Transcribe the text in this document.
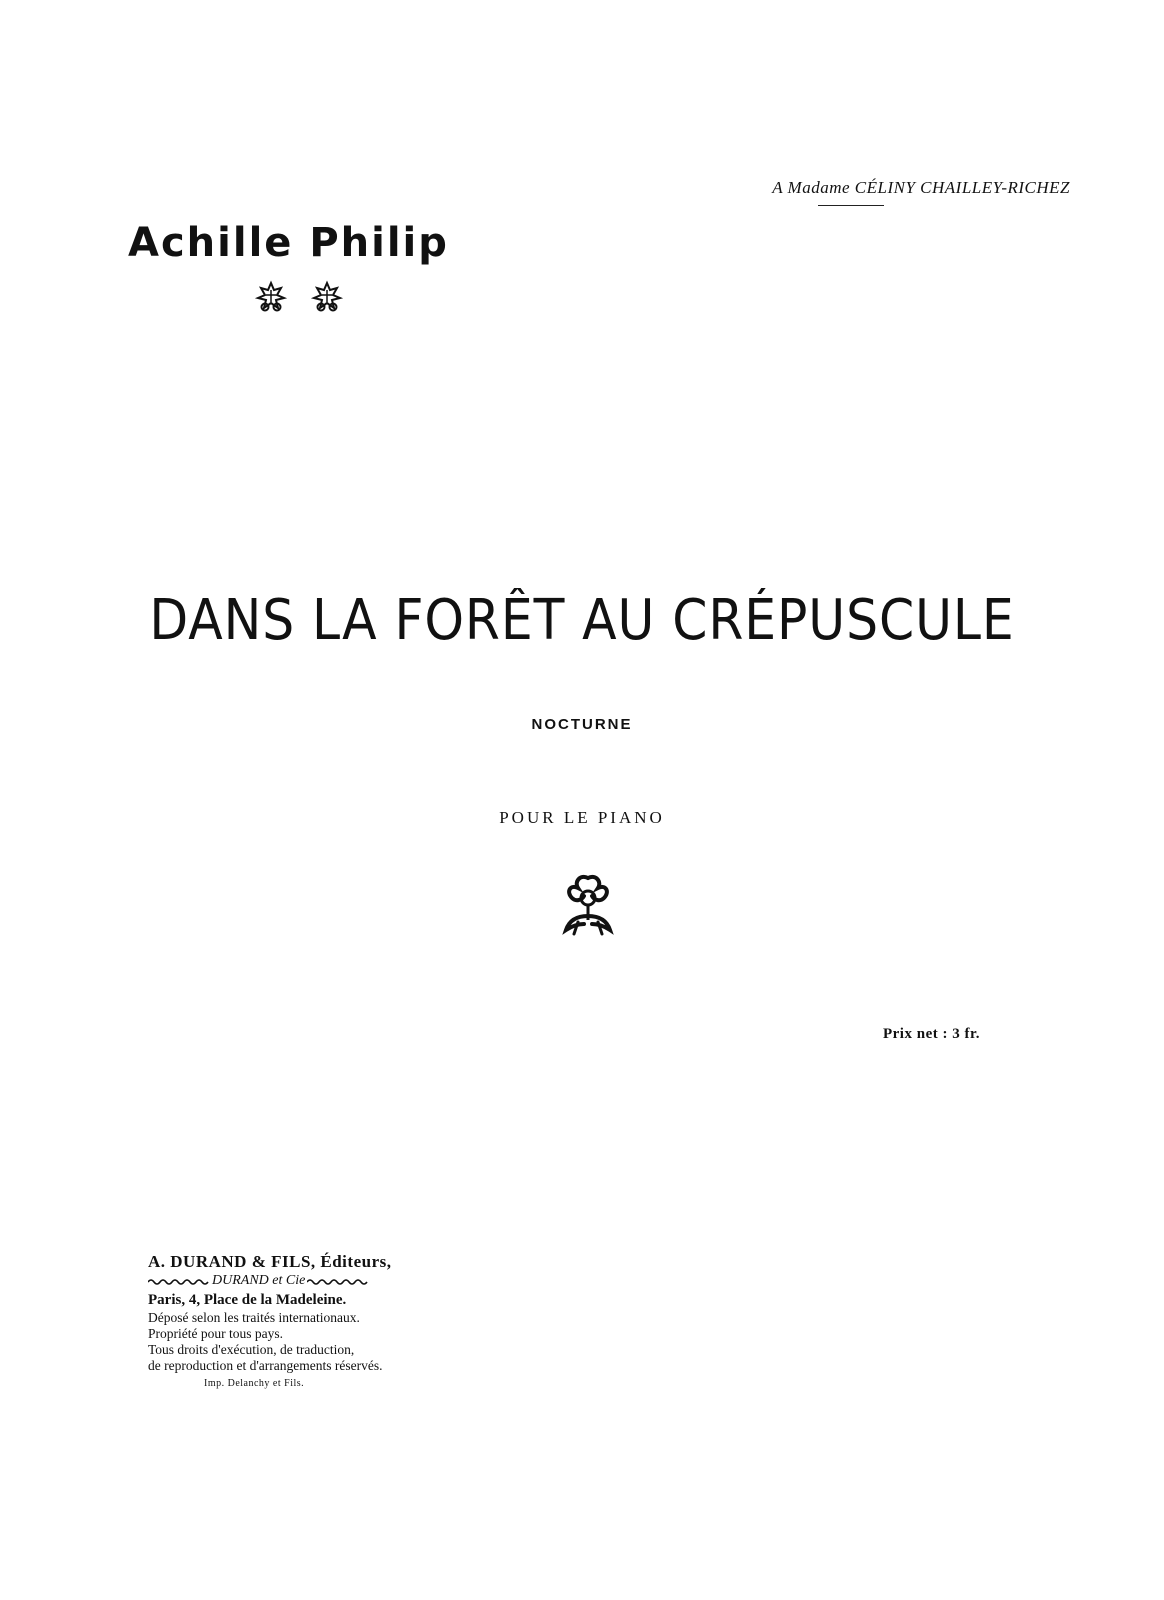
A Madame CÉLINY CHAILLEY-RICHEZ
Achille Philip
DANS LA FORÊT AU CRÉPUSCULE
NOCTURNE
POUR LE PIANO
Prix net : 3 fr.
A. DURAND & FILS, Éditeurs,
DURAND et Cie
Paris, 4, Place de la Madeleine.
Déposé selon les traités internationaux.
Propriété pour tous pays.
Tous droits d'exécution, de traduction,
de reproduction et d'arrangements réservés.
Imp. Delanchy et Fils.
